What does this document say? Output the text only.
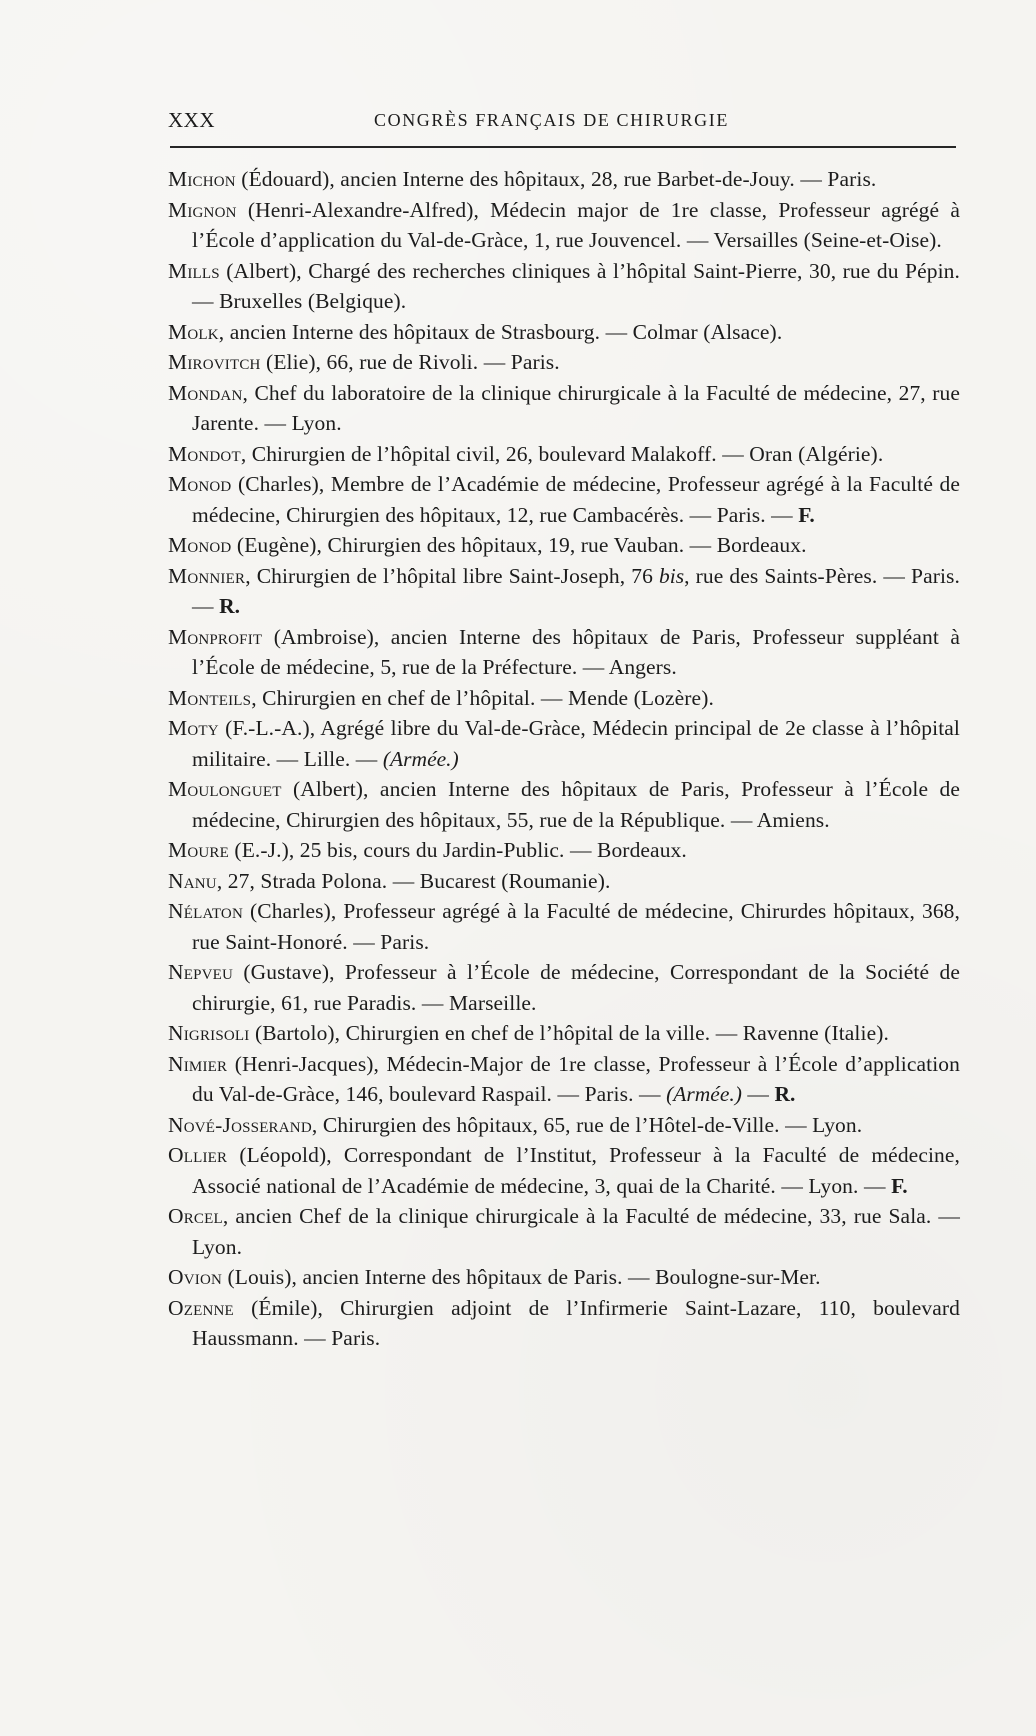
XXX	CONGRÈS FRANÇAIS DE CHIRURGIE

Michon (Édouard), ancien Interne des hôpitaux, 28, rue Barbet-de-Jouy. — Paris.

Mignon (Henri-Alexandre-Alfred), Médecin major de 1re classe, Professeur agrégé à l’École d’application du Val-de-Gràce, 1, rue Jouvencel. — Versailles (Seine-et-Oise).

Mills (Albert), Chargé des recherches cliniques à l’hôpital Saint-Pierre, 30, rue du Pépin. — Bruxelles (Belgique).

Molk, ancien Interne des hôpitaux de Strasbourg. — Colmar (Alsace).

Mirovitch (Elie), 66, rue de Rivoli. — Paris.

Mondan, Chef du laboratoire de la clinique chirurgicale à la Faculté de médecine, 27, rue Jarente. — Lyon.

Mondot, Chirurgien de l’hôpital civil, 26, boulevard Malakoff. — Oran (Algérie).

Monod (Charles), Membre de l’Académie de médecine, Professeur agrégé à la Faculté de médecine, Chirurgien des hôpitaux, 12, rue Cambacérès. — Paris. — F.

Monod (Eugène), Chirurgien des hôpitaux, 19, rue Vauban. — Bordeaux.

Monnier, Chirurgien de l’hôpital libre Saint-Joseph, 76 bis, rue des Saints-Pères. — Paris. — R.

Monprofit (Ambroise), ancien Interne des hôpitaux de Paris, Professeur suppléant à l’École de médecine, 5, rue de la Préfecture. — Angers.

Monteils, Chirurgien en chef de l’hôpital. — Mende (Lozère).

Moty (F.-L.-A.), Agrégé libre du Val-de-Gràce, Médecin principal de 2e classe à l’hôpital militaire. — Lille. — (Armée.)

Moulonguet (Albert), ancien Interne des hôpitaux de Paris, Professeur à l’École de médecine, Chirurgien des hôpitaux, 55, rue de la République. — Amiens.

Moure (E.-J.), 25 bis, cours du Jardin-Public. — Bordeaux.

Nanu, 27, Strada Polona. — Bucarest (Roumanie).

Nélaton (Charles), Professeur agrégé à la Faculté de médecine, Chirurdes hôpitaux, 368, rue Saint-Honoré. — Paris.

Nepveu (Gustave), Professeur à l’École de médecine, Correspondant de la Société de chirurgie, 61, rue Paradis. — Marseille.

Nigrisoli (Bartolo), Chirurgien en chef de l’hôpital de la ville. — Ravenne (Italie).

Nimier (Henri-Jacques), Médecin-Major de 1re classe, Professeur à l’École d’application du Val-de-Gràce, 146, boulevard Raspail. — Paris. — (Armée.) — R.

Nové-Josserand, Chirurgien des hôpitaux, 65, rue de l’Hôtel-de-Ville. — Lyon.

Ollier (Léopold), Correspondant de l’Institut, Professeur à la Faculté de médecine, Associé national de l’Académie de médecine, 3, quai de la Charité. — Lyon. — F.

Orcel, ancien Chef de la clinique chirurgicale à la Faculté de médecine, 33, rue Sala. — Lyon.

Ovion (Louis), ancien Interne des hôpitaux de Paris. — Boulogne-sur-Mer.

Ozenne (Émile), Chirurgien adjoint de l’Infirmerie Saint-Lazare, 110, boulevard Haussmann. — Paris.
